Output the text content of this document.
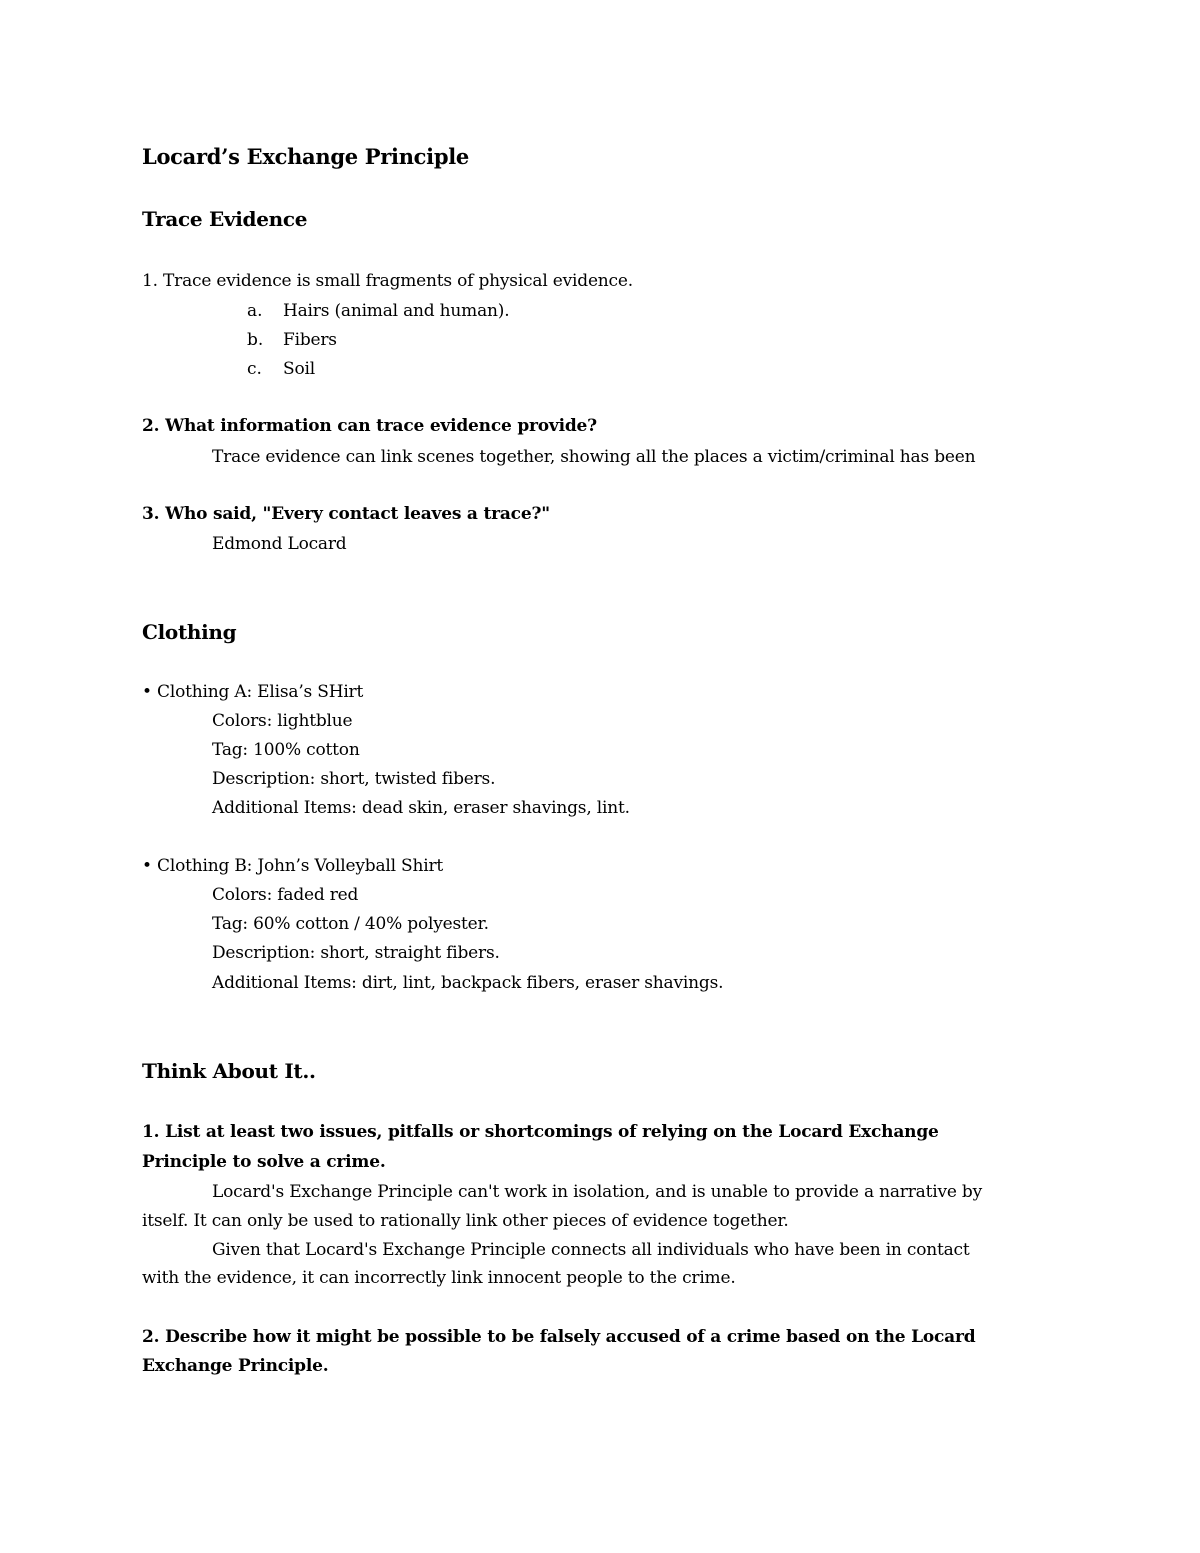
Locard’s Exchange Principle
Trace Evidence
1. Trace evidence is small fragments of physical evidence.
a. Hairs (animal and human).
b. Fibers
c. Soil
2. What information can trace evidence provide?
Trace evidence can link scenes together, showing all the places a victim/criminal has been
3. Who said, "Every contact leaves a trace?"
Edmond Locard
Clothing
• Clothing A: Elisa’s SHirt
Colors: lightblue
Tag: 100% cotton
Description: short, twisted fibers.
Additional Items: dead skin, eraser shavings, lint.
• Clothing B: John’s Volleyball Shirt
Colors: faded red
Tag: 60% cotton / 40% polyester.
Description: short, straight fibers.
Additional Items: dirt, lint, backpack fibers, eraser shavings.
Think About It..
1. List at least two issues, pitfalls or shortcomings of relying on the Locard Exchange
Principle to solve a crime.
Locard's Exchange Principle can't work in isolation, and is unable to provide a narrative by
itself. It can only be used to rationally link other pieces of evidence together.
Given that Locard's Exchange Principle connects all individuals who have been in contact
with the evidence, it can incorrectly link innocent people to the crime.
2. Describe how it might be possible to be falsely accused of a crime based on the Locard
Exchange Principle.
